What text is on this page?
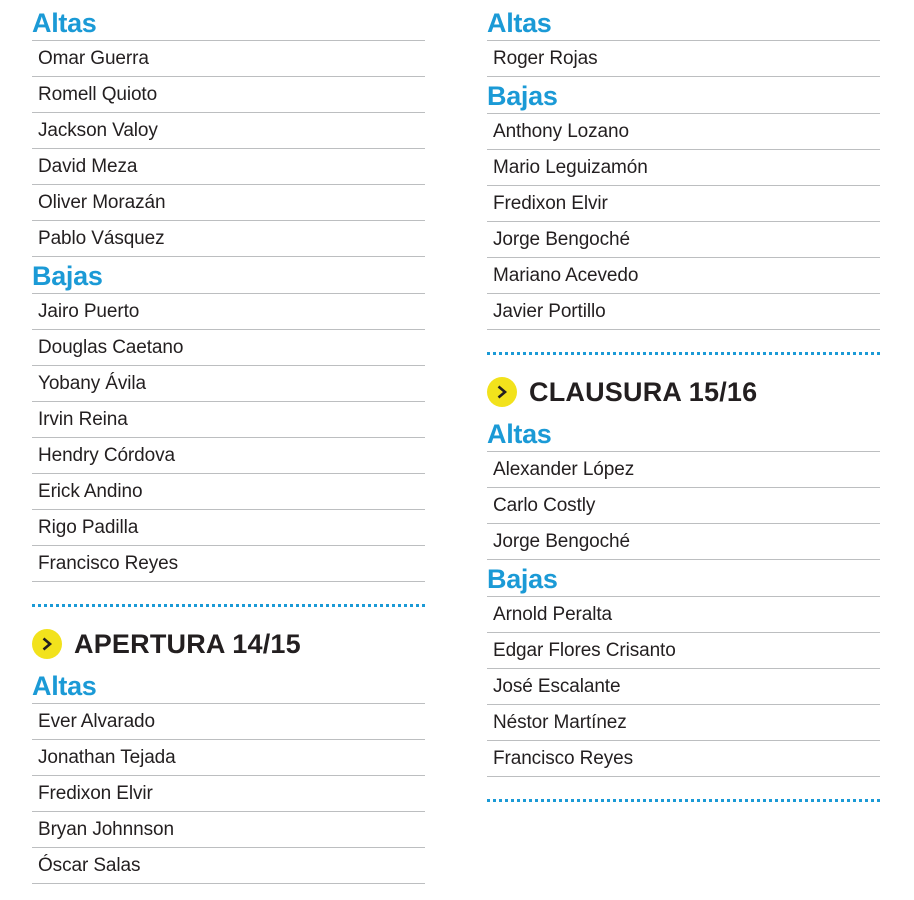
Altas
Omar Guerra
Romell Quioto
Jackson Valoy
David Meza
Oliver Morazán
Pablo Vásquez
Bajas
Jairo Puerto
Douglas Caetano
Yobany Ávila
Irvin Reina
Hendry Córdova
Erick Andino
Rigo Padilla
Francisco Reyes
APERTURA 14/15
Altas
Ever Alvarado
Jonathan Tejada
Fredixon Elvir
Bryan Johnnson
Óscar Salas
Altas
Roger Rojas
Bajas
Anthony Lozano
Mario Leguizamón
Fredixon Elvir
Jorge Bengoché
Mariano Acevedo
Javier Portillo
CLAUSURA 15/16
Altas
Alexander López
Carlo Costly
Jorge Bengoché
Bajas
Arnold Peralta
Edgar Flores Crisanto
José Escalante
Néstor Martínez
Francisco Reyes
